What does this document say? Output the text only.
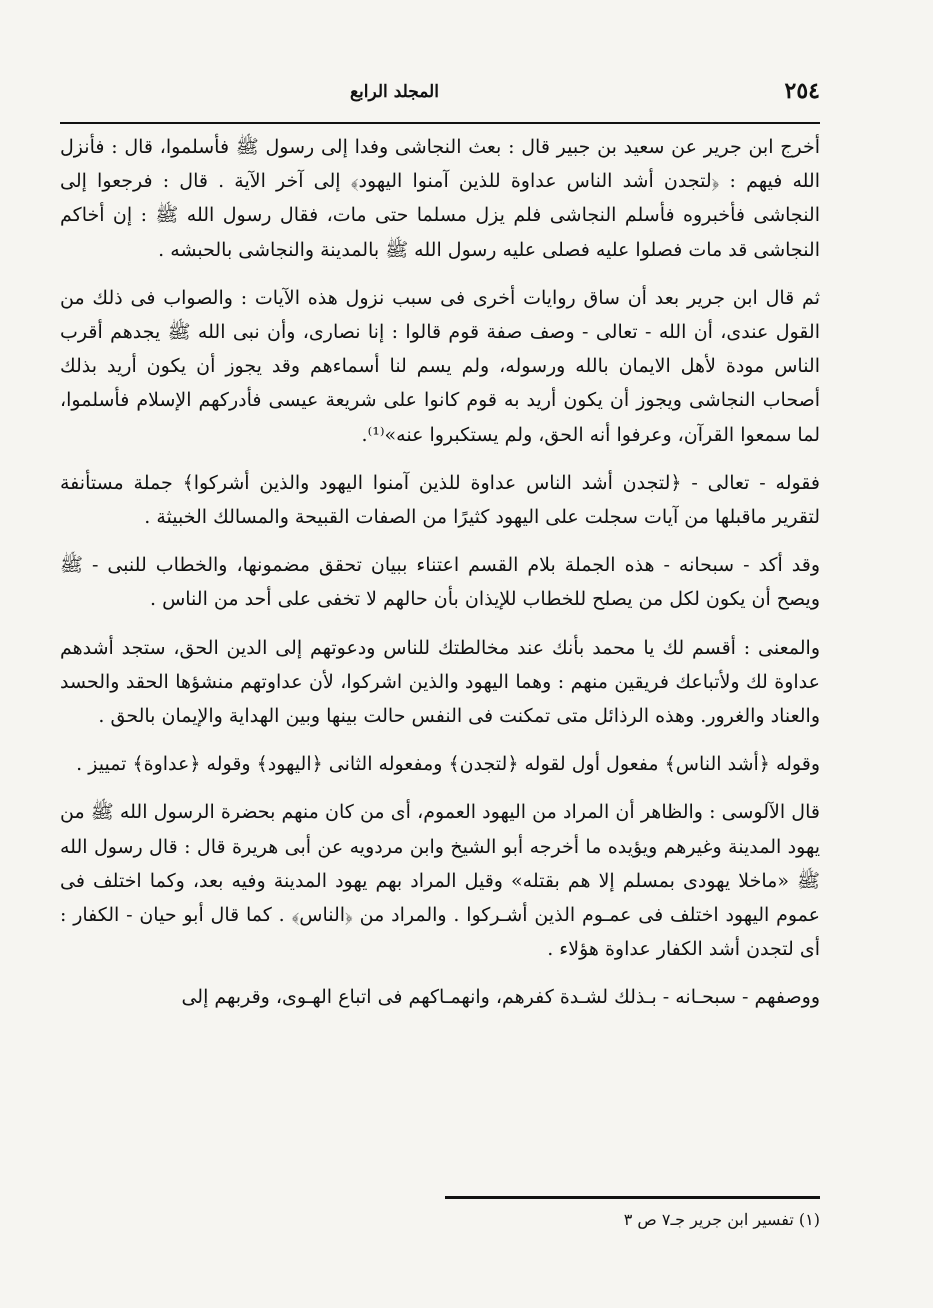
٢٥٤
المجلد الرابع

أخرج ابن جرير عن سعيد بن جبير قال : بعث النجاشى وفدا إلى رسول ﷺ فأسلموا، قال : فأنزل الله فيهم : ﴿لتجدن أشد الناس عداوة للذين آمنوا اليهود﴾ إلى آخر الآية . قال : فرجعوا إلى النجاشى فأخبروه فأسلم النجاشى فلم يزل مسلما حتى مات، فقال رسول الله ﷺ : إن أخاكم النجاشى قد مات فصلوا عليه فصلى عليه رسول الله ﷺ بالمدينة والنجاشى بالحبشه .

ثم قال ابن جرير بعد أن ساق روايات أخرى فى سبب نزول هذه الآيات : والصواب فى ذلك من القول عندى، أن الله - تعالى - وصف صفة قوم قالوا : إنا نصارى، وأن نبى الله ﷺ يجدهم أقرب الناس مودة لأهل الايمان بالله ورسوله، ولم يسم لنا أسماءهم وقد يجوز أن يكون أريد بذلك أصحاب النجاشى ويجوز أن يكون أريد به قوم كانوا على شريعة عيسى فأدركهم الإسلام فأسلموا، لما سمعوا القرآن، وعرفوا أنه الحق، ولم يستكبروا عنه»⁽¹⁾.

فقوله - تعالى - ﴿لتجدن أشد الناس عداوة للذين آمنوا اليهود والذين أشركوا﴾ جملة مستأنفة لتقرير ماقبلها من آيات سجلت على اليهود كثيرًا من الصفات القبيحة والمسالك الخبيثة .

وقد أكد - سبحانه - هذه الجملة بلام القسم اعتناء ببيان تحقق مضمونها، والخطاب للنبى - ﷺ ويصح أن يكون لكل من يصلح للخطاب للإيذان بأن حالهم لا تخفى على أحد من الناس .

والمعنى : أقسم لك يا محمد بأنك عند مخالطتك للناس ودعوتهم إلى الدين الحق، ستجد أشدهم عداوة لك ولأتباعك فريقين منهم : وهما اليهود والذين اشركوا، لأن عداوتهم منشؤها الحقد والحسد والعناد والغرور. وهذه الرذائل متى تمكنت فى النفس حالت بينها وبين الهداية والإيمان بالحق .

وقوله ﴿أشد الناس﴾ مفعول أول لقوله ﴿لتجدن﴾ ومفعوله الثانى ﴿اليهود﴾ وقوله ﴿عداوة﴾ تمييز .

قال الآلوسى : والظاهر أن المراد من اليهود العموم، أى من كان منهم بحضرة الرسول الله ﷺ من يهود المدينة وغيرهم ويؤيده ما أخرجه أبو الشيخ وابن مردويه عن أبى هريرة قال : قال رسول الله ﷺ «ماخلا يهودى بمسلم إلا هم بقتله» وقيل المراد بهم يهود المدينة وفيه بعد، وكما اختلف فى عموم اليهود اختلف فى عمـوم الذين أشـركوا . والمراد من ﴿الناس﴾ . كما قال أبو حيان - الكفار : أى لتجدن أشد الكفار عداوة هؤلاء .

ووصفهم - سبحـانه - بـذلك لشـدة كفرهم، وانهمـاكهم فى اتباع الهـوى، وقربهم إلى

(١) تفسير ابن جرير جـ٧ ص ٣
